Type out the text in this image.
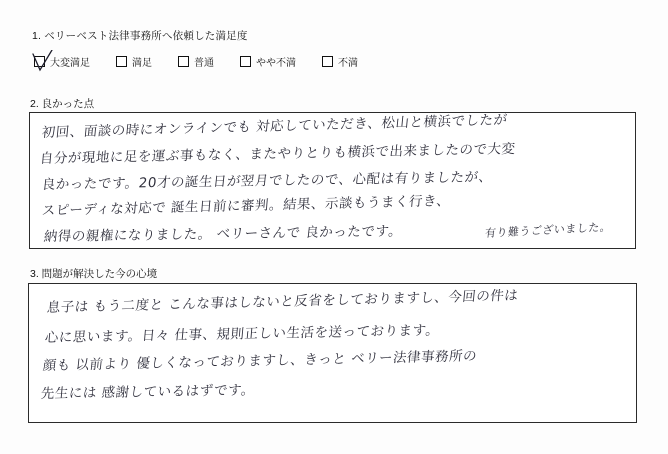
1. ベリーベスト法律事務所へ依頼した満足度
大変満足	満足	普通	やや不満	不満
2. 良かった点
初回、面談の時にオンラインでも 対応していただき、松山と横浜でしたが
自分が現地に足を運ぶ事もなく、またやりとりも横浜で出来ましたので大変
良かったです。20才の誕生日が翌月でしたので、心配は有りましたが、
スピーディな対応で 誕生日前に審判。結果、示談もうまく行き、
納得の親権になりました。 ベリーさんで 良かったです。	有り難うございました。
3. 問題が解決した今の心境
息子は もう二度と こんな事はしないと反省をしておりますし、今回の件は
心に思います。日々 仕事、規則正しい生活を送っております。
顔も 以前より 優しくなっておりますし、きっと ベリー法律事務所の
先生には 感謝しているはずです。
